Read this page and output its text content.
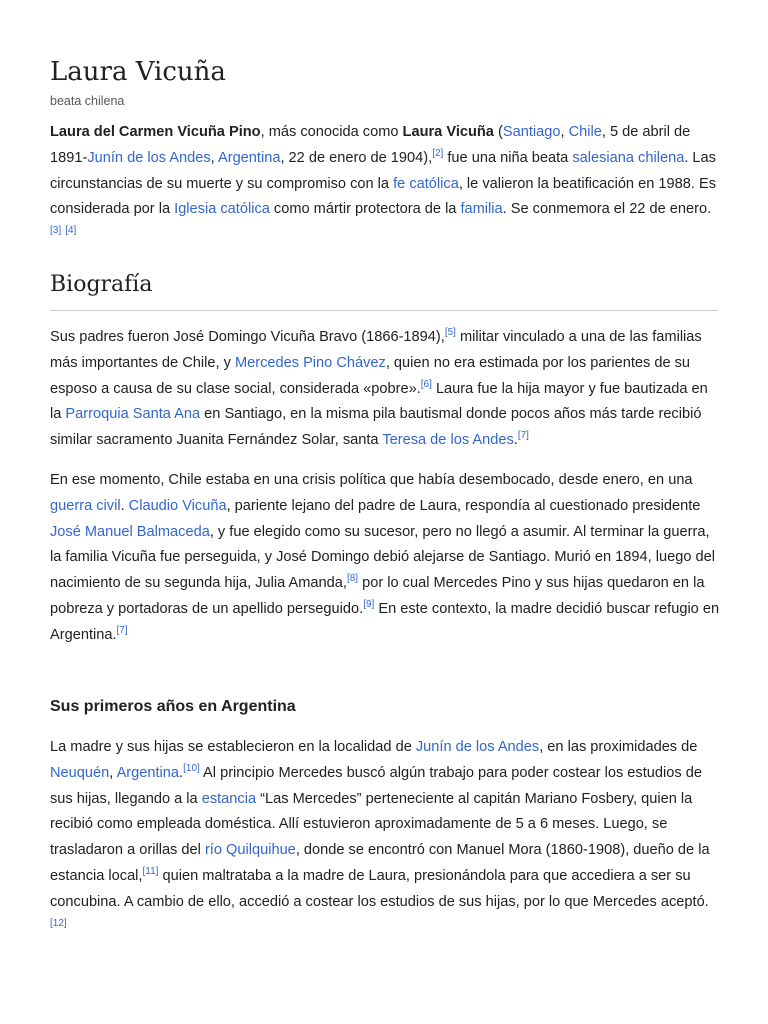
Laura Vicuña
beata chilena

Laura del Carmen Vicuña Pino, más conocida como Laura Vicuña (Santiago, Chile, 5 de abril de 1891-Junín de los Andes, Argentina, 22 de enero de 1904),[2] fue una niña beata salesiana chilena. Las circunstancias de su muerte y su compromiso con la fe católica, le valieron la beatificación en 1988. Es considerada por la Iglesia católica como mártir protectora de la familia. Se conmemora el 22 de enero.[3] [4]

Biografía

Sus padres fueron José Domingo Vicuña Bravo (1866-1894),[5] militar vinculado a una de las familias más importantes de Chile, y Mercedes Pino Chávez, quien no era estimada por los parientes de su esposo a causa de su clase social, considerada «pobre».[6] Laura fue la hija mayor y fue bautizada en la Parroquia Santa Ana en Santiago, en la misma pila bautismal donde pocos años más tarde recibió similar sacramento Juanita Fernández Solar, santa Teresa de los Andes.[7]

En ese momento, Chile estaba en una crisis política que había desembocado, desde enero, en una guerra civil. Claudio Vicuña, pariente lejano del padre de Laura, respondía al cuestionado presidente José Manuel Balmaceda, y fue elegido como su sucesor, pero no llegó a asumir. Al terminar la guerra, la familia Vicuña fue perseguida, y José Domingo debió alejarse de Santiago. Murió en 1894, luego del nacimiento de su segunda hija, Julia Amanda,[8] por lo cual Mercedes Pino y sus hijas quedaron en la pobreza y portadoras de un apellido perseguido.[9] En este contexto, la madre decidió buscar refugio en Argentina.[7]

Sus primeros años en Argentina

La madre y sus hijas se establecieron en la localidad de Junín de los Andes, en las proximidades de Neuquén, Argentina.[10] Al principio Mercedes buscó algún trabajo para poder costear los estudios de sus hijas, llegando a la estancia “Las Mercedes” perteneciente al capitán Mariano Fosbery, quien la recibió como empleada doméstica. Allí estuvieron aproximadamente de 5 a 6 meses. Luego, se trasladaron a orillas del río Quilquihue, donde se encontró con Manuel Mora (1860-1908), dueño de la estancia local,[11] quien maltrataba a la madre de Laura, presionándola para que accediera a ser su concubina. A cambio de ello, accedió a costear los estudios de sus hijas, por lo que Mercedes aceptó.[12]
